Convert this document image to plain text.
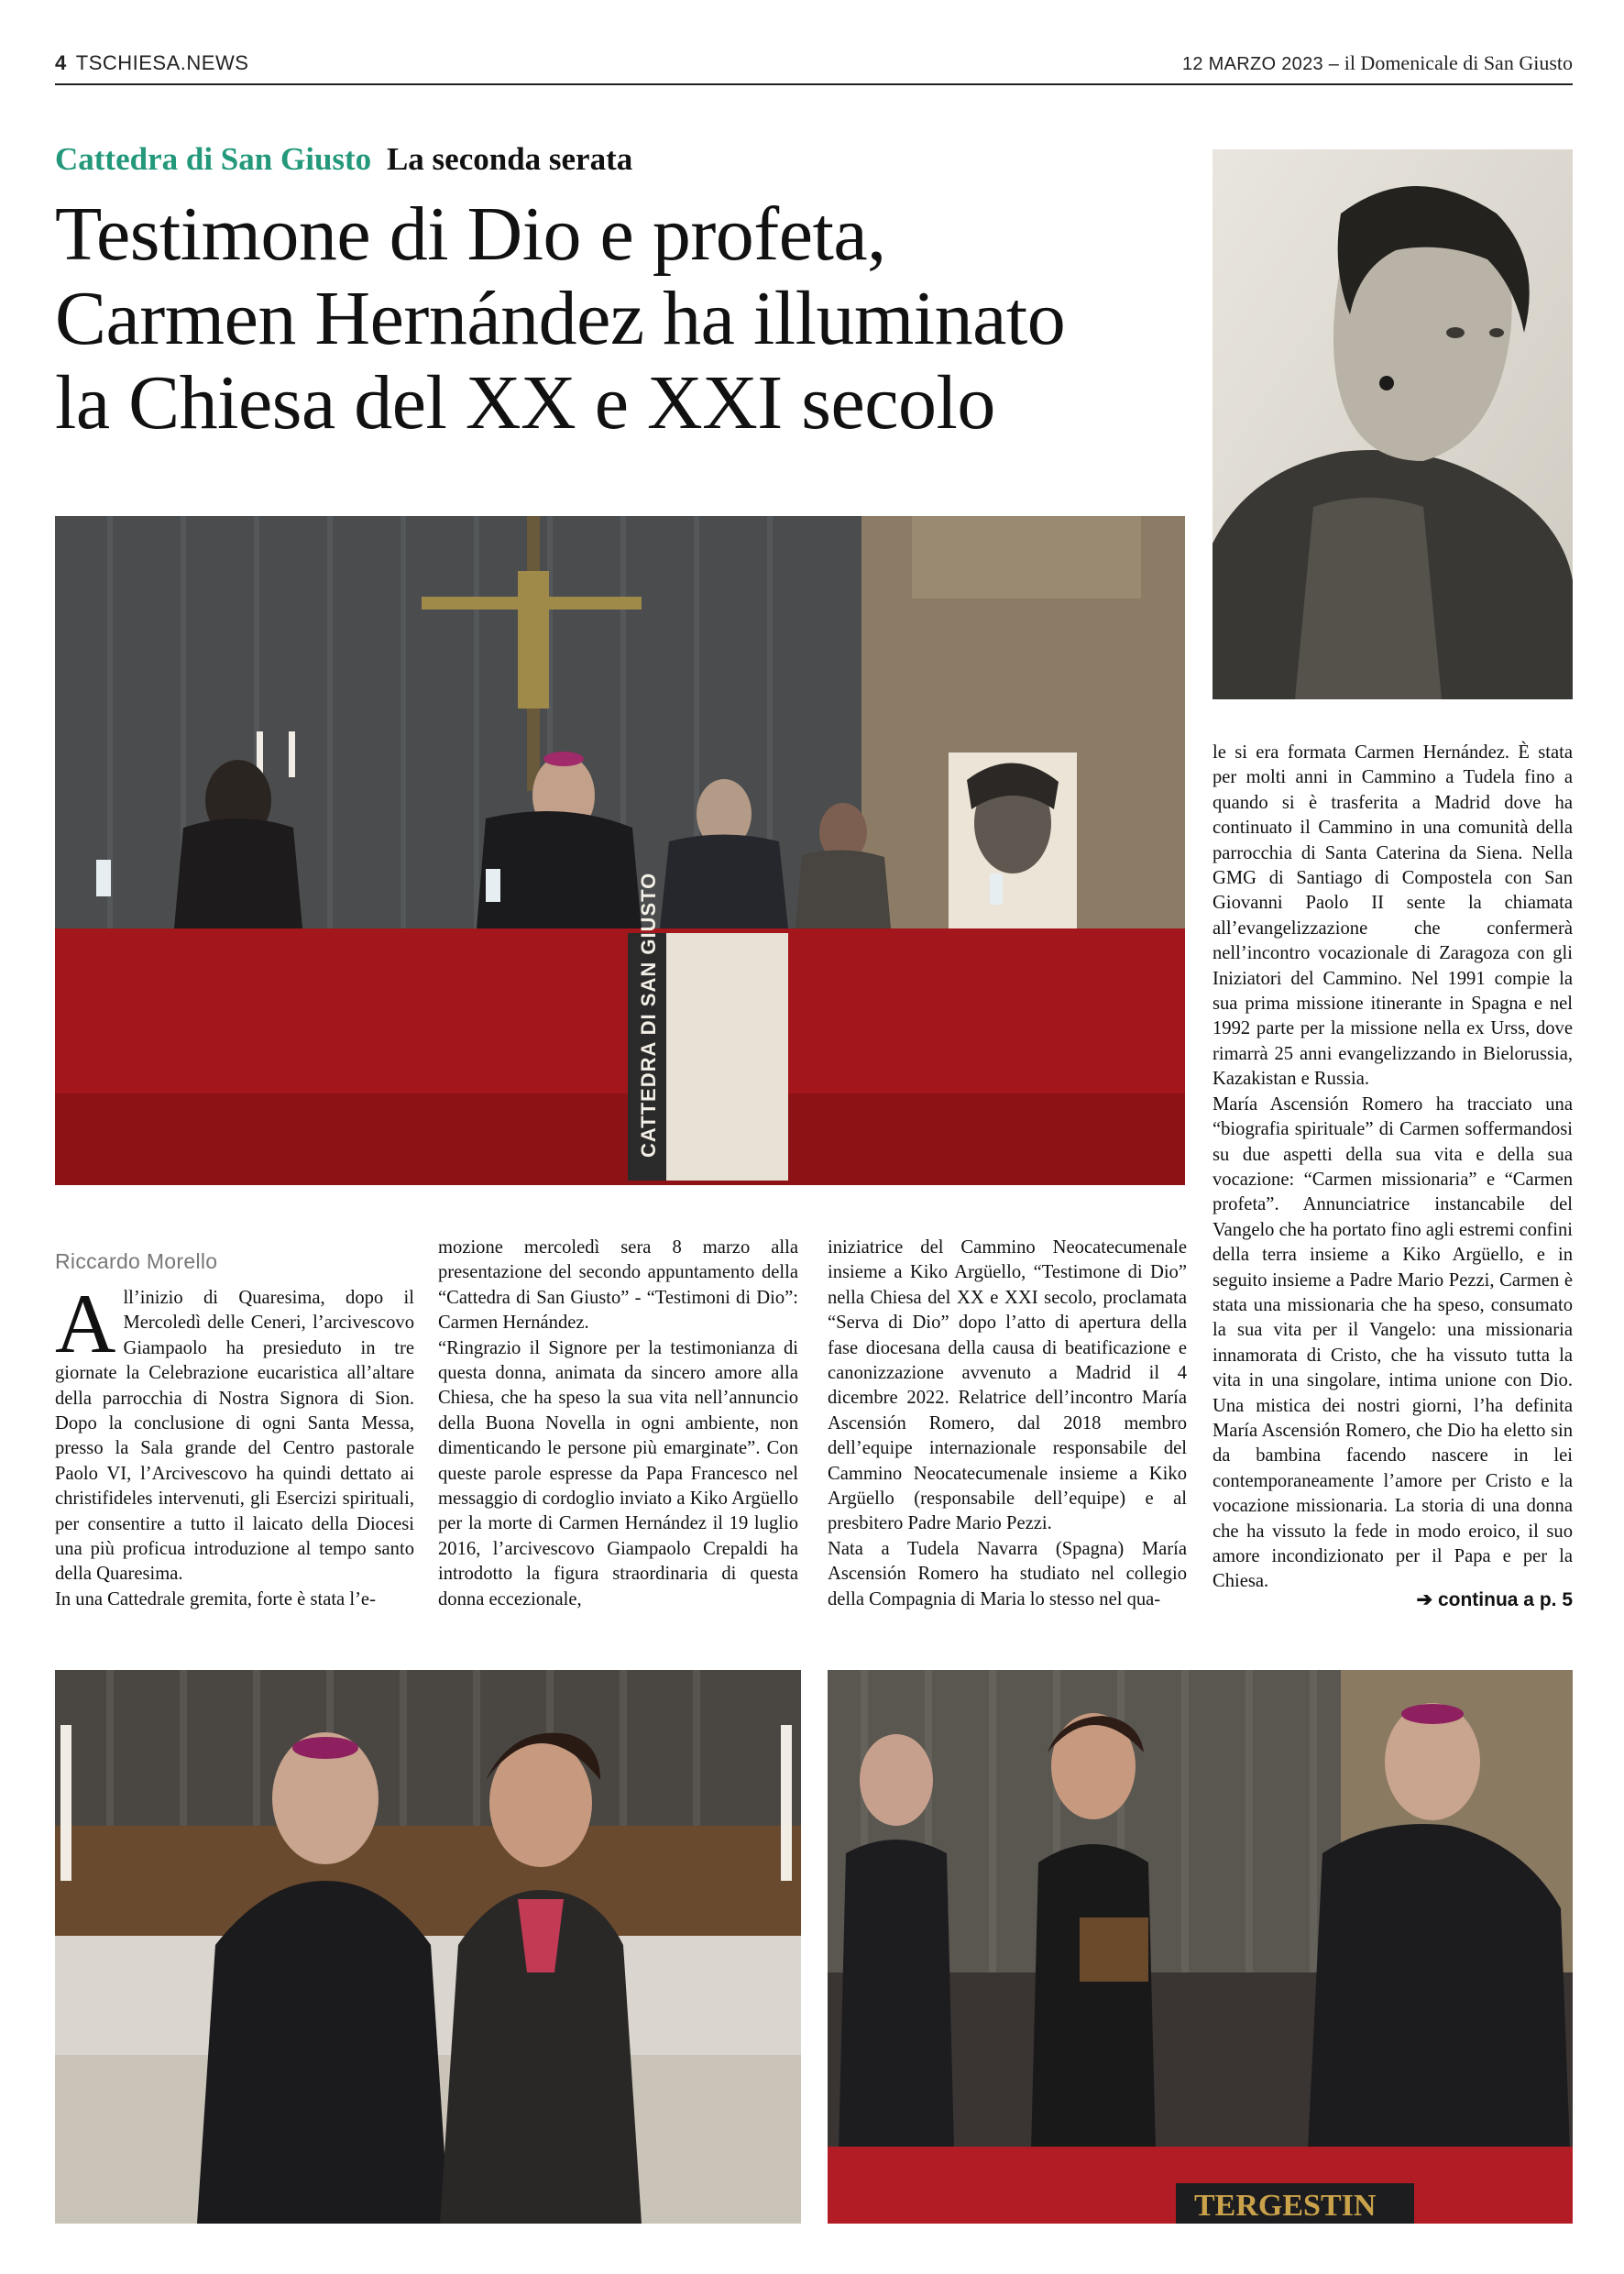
4 TSCHIESA.NEWS	12 MARZO 2023 – il Domenicale di San Giusto
Cattedra di San Giusto La seconda serata
Testimone di Dio e profeta,
Carmen Hernández ha illuminato
la Chiesa del XX e XXI secolo
CATTEDRA DI SAN GIUSTO
Riccardo Morello

All’inizio di Quaresima, dopo il Mercoledì delle Ceneri, l’arcivescovo Giampaolo ha presieduto in tre giornate la Celebrazione eucaristica all’altare della parrocchia di Nostra Signora di Sion. Dopo la conclusione di ogni Santa Messa, presso la Sala grande del Centro pastorale Paolo VI, l’Arcivescovo ha quindi dettato ai christifideles intervenuti, gli Esercizi spirituali, per consentire a tutto il laicato della Diocesi una più proficua introduzione al tempo santo della Quaresima.

In una Cattedrale gremita, forte è stata l’e-

mozione mercoledì sera 8 marzo alla presentazione del secondo appuntamento della “Cattedra di San Giusto” - “Testimoni di Dio”: Carmen Hernández.

“Ringrazio il Signore per la testimonianza di questa donna, animata da sincero amore alla Chiesa, che ha speso la sua vita nell’annuncio della Buona Novella in ogni ambiente, non dimenticando le persone più emarginate”. Con queste parole espresse da Papa Francesco nel messaggio di cordoglio inviato a Kiko Argüello per la morte di Carmen Hernández il 19 luglio 2016, l’arcivescovo Giampaolo Crepaldi ha introdotto la figura straordinaria di questa donna eccezionale,

iniziatrice del Cammino Neocatecumenale insieme a Kiko Argüello, “Testimone di Dio” nella Chiesa del XX e XXI secolo, proclamata “Serva di Dio” dopo l’atto di apertura della fase diocesana della causa di beatificazione e canonizzazione avvenuto a Madrid il 4 dicembre 2022. Relatrice dell’incontro María Ascensión Romero, dal 2018 membro dell’equipe internazionale responsabile del Cammino Neocatecumenale insieme a Kiko Argüello (responsabile dell’equipe) e al presbitero Padre Mario Pezzi.

Nata a Tudela Navarra (Spagna) María Ascensión Romero ha studiato nel collegio della Compagnia di Maria lo stesso nel qua-

le si era formata Carmen Hernández. È stata per molti anni in Cammino a Tudela fino a quando si è trasferita a Madrid dove ha continuato il Cammino in una comunità della parrocchia di Santa Caterina da Siena. Nella GMG di Santiago di Compostela con San Giovanni Paolo II sente la chiamata all’evangelizzazione che confermerà nell’incontro vocazionale di Zaragoza con gli Iniziatori del Cammino. Nel 1991 compie la sua prima missione itinerante in Spagna e nel 1992 parte per la missione nella ex Urss, dove rimarrà 25 anni evangelizzando in Bielorussia, Kazakistan e Russia.

María Ascensión Romero ha tracciato una “biografia spirituale” di Carmen soffermandosi su due aspetti della sua vita e della sua vocazione: “Carmen missionaria” e “Carmen profeta”. Annunciatrice instancabile del Vangelo che ha portato fino agli estremi confini della terra insieme a Kiko Argüello, e in seguito insieme a Padre Mario Pezzi, Carmen è stata una missionaria che ha speso, consumato la sua vita per il Vangelo: una missionaria innamorata di Cristo, che ha vissuto tutta la vita in una singolare, intima unione con Dio. Una mistica dei nostri giorni, l’ha definita María Ascensión Romero, che Dio ha eletto sin da bambina facendo nascere in lei contemporaneamente l’amore per Cristo e la vocazione missionaria. La storia di una donna che ha vissuto la fede in modo eroico, il suo amore incondizionato per il Papa e per la Chiesa.

➔ continua a p. 5
TERGESTIN
